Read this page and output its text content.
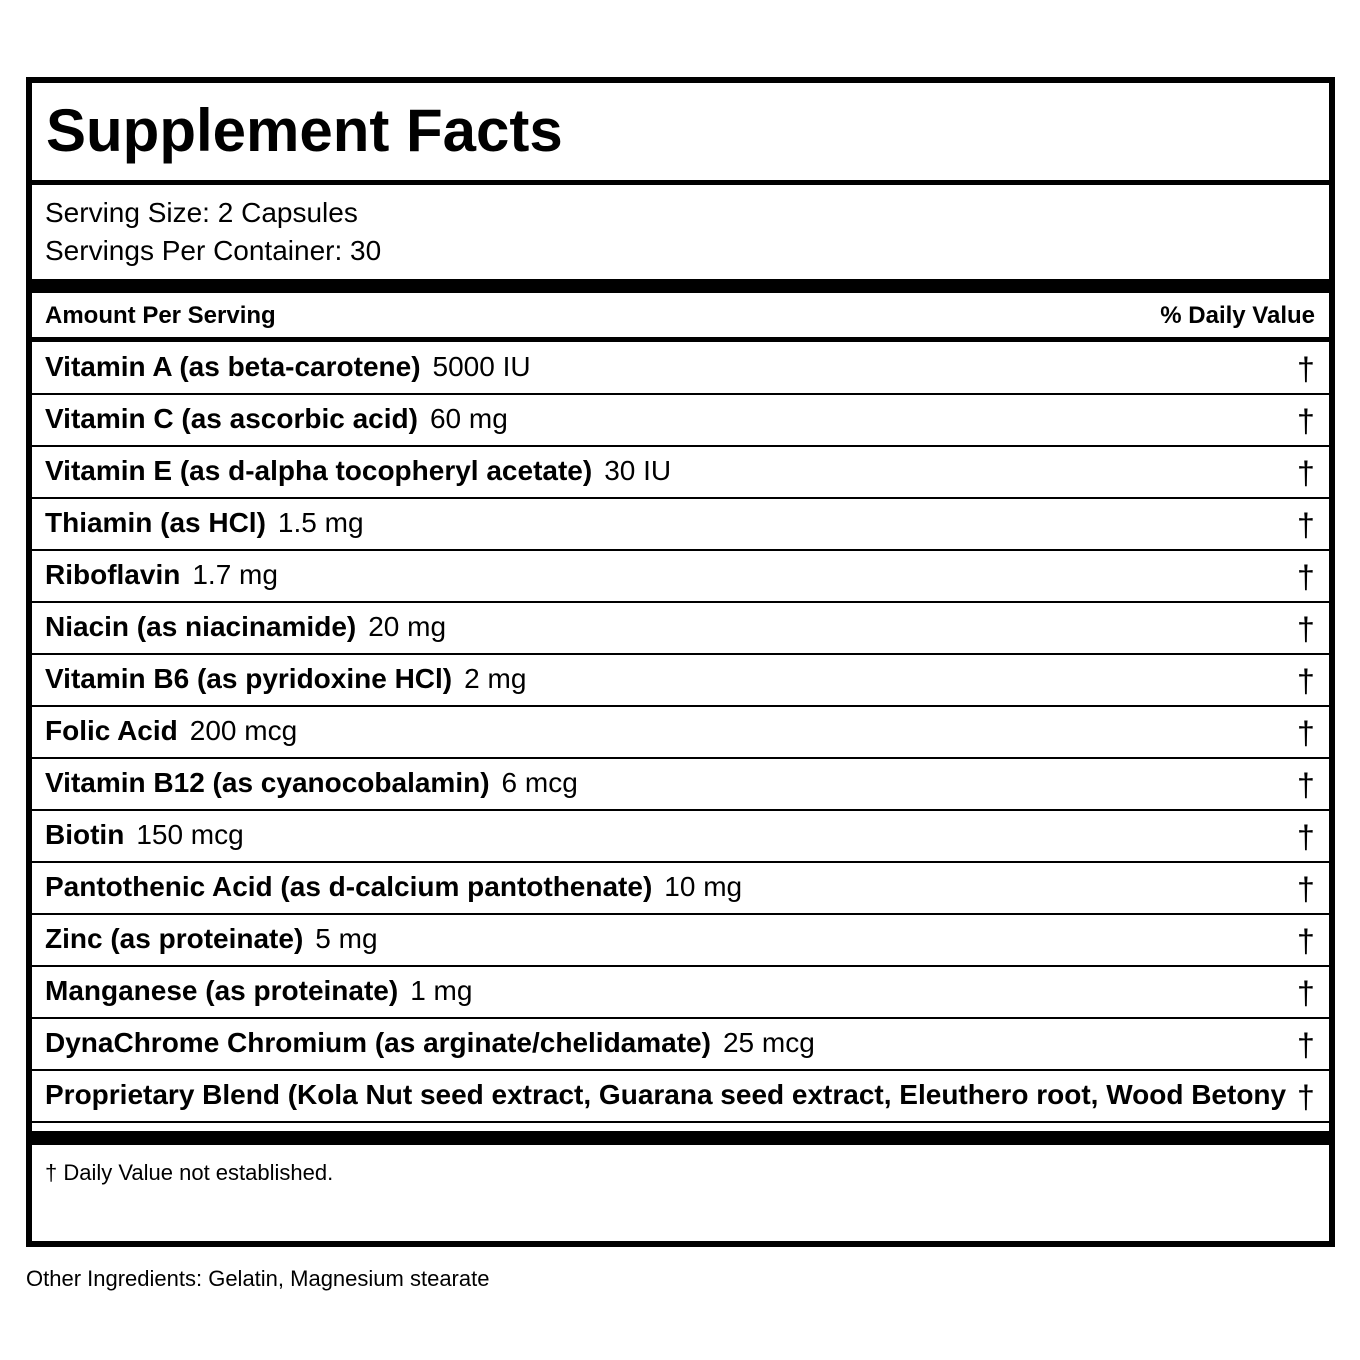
Supplement Facts
Serving Size: 2 Capsules
Servings Per Container: 30
Amount Per Serving	% Daily Value
Vitamin A (as beta-carotene) 5000 IU	†
Vitamin C (as ascorbic acid) 60 mg	†
Vitamin E (as d-alpha tocopheryl acetate) 30 IU	†
Thiamin (as HCl) 1.5 mg	†
Riboflavin 1.7 mg	†
Niacin (as niacinamide) 20 mg	†
Vitamin B6 (as pyridoxine HCl) 2 mg	†
Folic Acid 200 mcg	†
Vitamin B12 (as cyanocobalamin) 6 mcg	†
Biotin 150 mcg	†
Pantothenic Acid (as d-calcium pantothenate) 10 mg	†
Zinc (as proteinate) 5 mg	†
Manganese (as proteinate) 1 mg	†
DynaChrome Chromium (as arginate/chelidamate) 25 mcg	†
Proprietary Blend (Kola Nut seed extract, Guarana seed extract, Eleuthero root, Wood Betony †
† Daily Value not established.
Other Ingredients: Gelatin, Magnesium stearate
